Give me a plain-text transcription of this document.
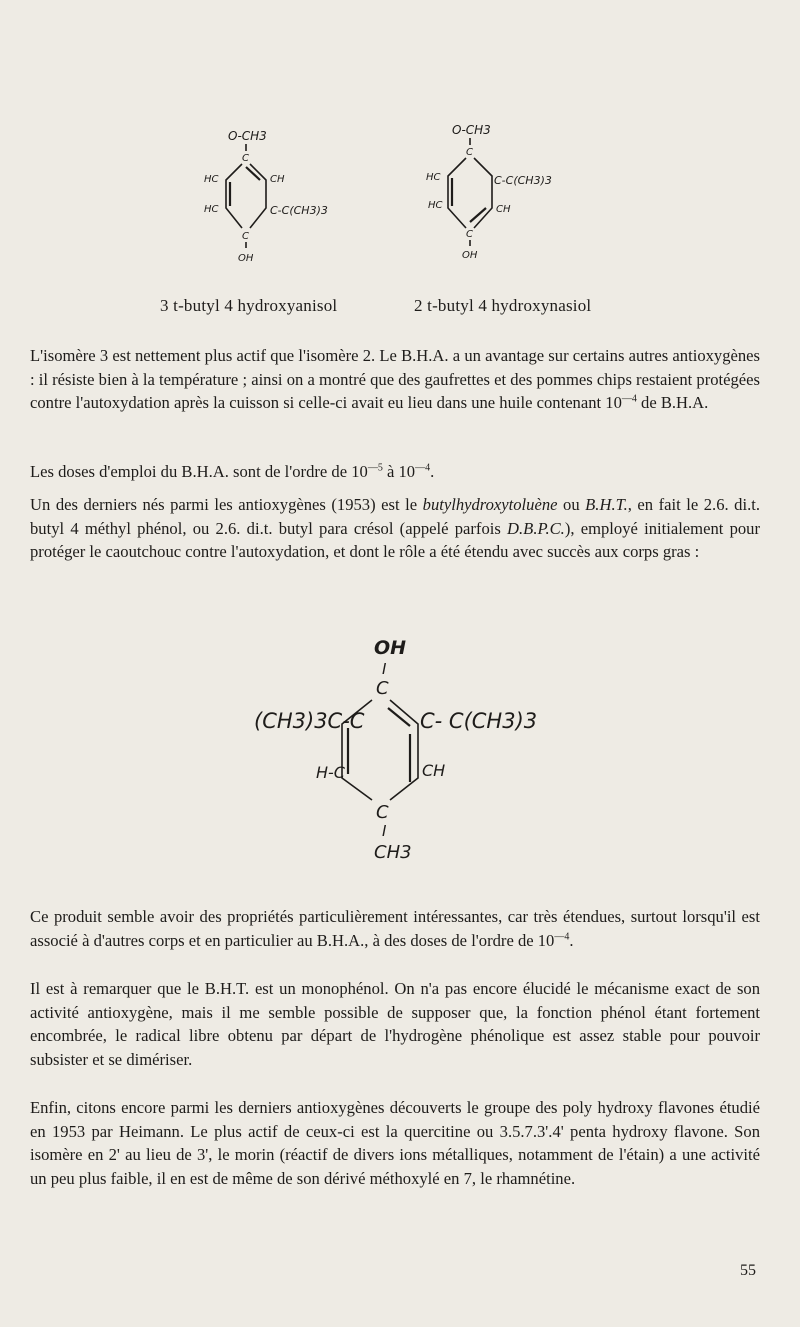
O-CH3
C
HC	CH
HC	C-C(CH3)3
C
OH
O-CH3
C
HC	C-C(CH3)3
HC	CH
C
OH
3 t-butyl 4 hydroxyanisol	2 t-butyl 4 hydroxynasiol

L'isomère 3 est nettement plus actif que l'isomère 2. Le B.H.A. a un avantage sur certains autres antioxygènes : il résiste bien à la température ; ainsi on a montré que des gaufrettes et des pommes chips restaient protégées contre l'autoxydation après la cuisson si celle-ci avait eu lieu dans une huile contenant $10^{—4}$ de B.H.A.

Les doses d'emploi du B.H.A. sont de l'ordre de $10^{—5}$ à $10^{—4}$.

Un des derniers nés parmi les antioxygènes (1953) est le butylhydroxytoluène ou B.H.T., en fait le 2.6. di.t. butyl 4 méthyl phénol, ou 2.6. di.t. butyl para crésol (appelé parfois D.B.P.C.), employé initialement pour protéger le caoutchouc contre l'autoxydation, et dont le rôle a été étendu avec succès aux corps gras :

OH
I
C
(CH3)3C-C	C- C(CH3)3
H-C	CH
C
I
CH3

Ce produit semble avoir des propriétés particulièrement intéressantes, car très étendues, surtout lorsqu'il est associé à d'autres corps et en particulier au B.H.A., à des doses de l'ordre de $10^{—4}$.

Il est à remarquer que le B.H.T. est un monophénol. On n'a pas encore élucidé le mécanisme exact de son activité antioxygène, mais il me semble possible de supposer que, la fonction phénol étant fortement encombrée, le radical libre obtenu par départ de l'hydrogène phénolique est assez stable pour pouvoir subsister et se dimériser.

Enfin, citons encore parmi les derniers antioxygènes découverts le groupe des poly hydroxy flavones étudié en 1953 par Heimann. Le plus actif de ceux-ci est la quercitine ou 3.5.7.3'.4' penta hydroxy flavone. Son isomère en 2' au lieu de 3', le morin (réactif de divers ions métalliques, notamment de l'étain) a une activité un peu plus faible, il en est de même de son dérivé méthoxylé en 7, le rhamnétine.

55
